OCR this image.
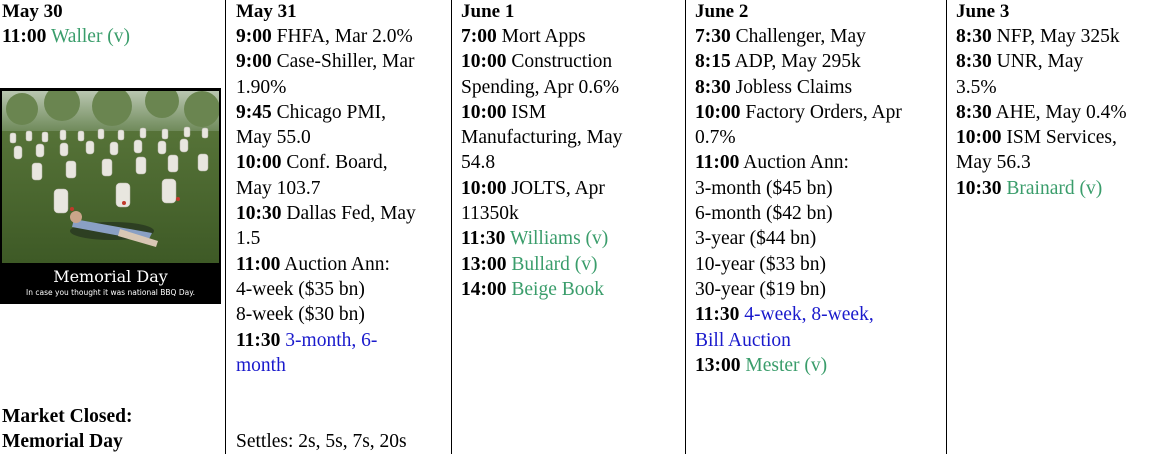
May 30
11:00 Waller (v)
Memorial Day
In case you thought it was national BBQ Day.
Market Closed:
Memorial Day
May 31
9:00 FHFA, Mar 2.0%
9:00 Case-Shiller, Mar
1.90%
9:45 Chicago PMI,
May 55.0
10:00 Conf. Board,
May 103.7
10:30 Dallas Fed, May
1.5
11:00 Auction Ann:
4-week ($35 bn)
8-week ($30 bn)
11:30 3-month, 6-
month
Settles: 2s, 5s, 7s, 20s
June 1
7:00 Mort Apps
10:00 Construction
Spending, Apr 0.6%
10:00 ISM
Manufacturing, May
54.8
10:00 JOLTS, Apr
11350k
11:30 Williams (v)
13:00 Bullard (v)
14:00 Beige Book
June 2
7:30 Challenger, May
8:15 ADP, May 295k
8:30 Jobless Claims
10:00 Factory Orders, Apr
0.7%
11:00 Auction Ann:
3-month ($45 bn)
6-month ($42 bn)
3-year ($44 bn)
10-year ($33 bn)
30-year ($19 bn)
11:30 4-week, 8-week,
Bill Auction
13:00 Mester (v)
June 3
8:30 NFP, May 325k
8:30 UNR, May
3.5%
8:30 AHE, May 0.4%
10:00 ISM Services,
May 56.3
10:30 Brainard (v)
